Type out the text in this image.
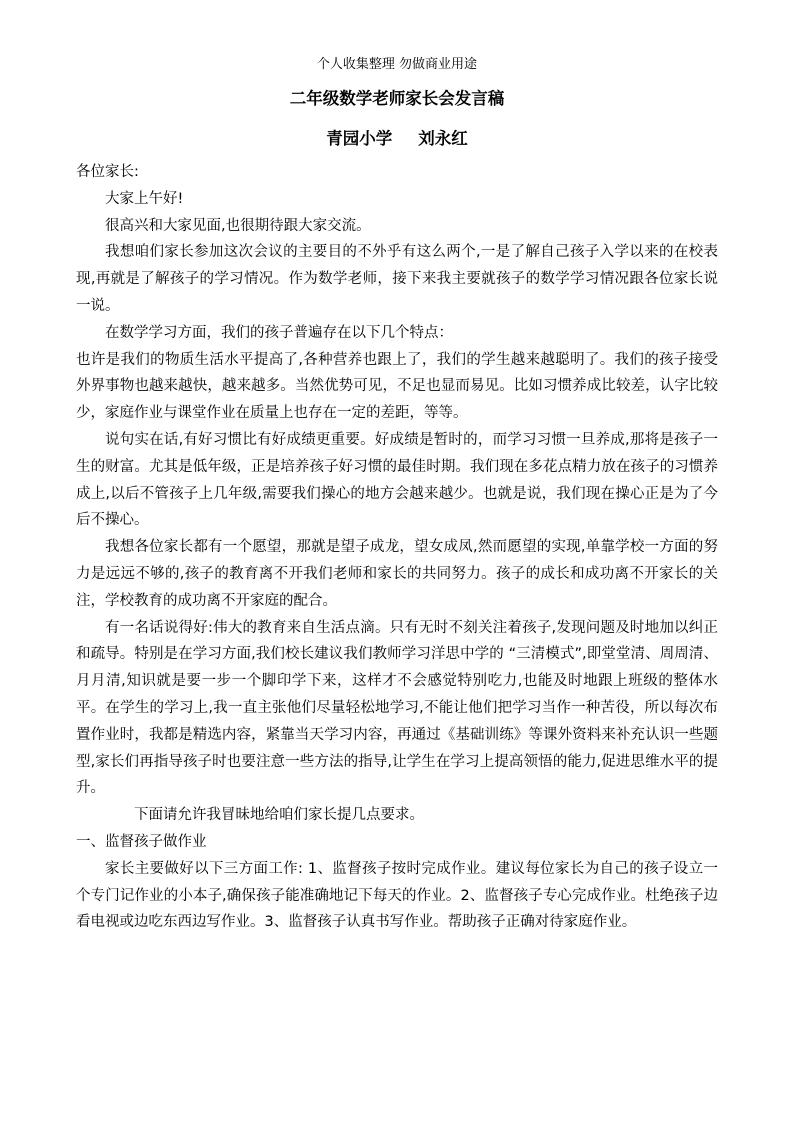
个人收集整理 勿做商业用途
二年级数学老师家长会发言稿
青园小学 刘永红

各位家长:

大家上午好!

很高兴和大家见面,也很期待跟大家交流。

我想咱们家长参加这次会议的主要目的不外乎有这么两个,一是了解自己孩子入学以来的在校表现,再就是了解孩子的学习情况。作为数学老师，接下来我主要就孩子的数学学习情况跟各位家长说一说。

在数学学习方面，我们的孩子普遍存在以下几个特点：

也许是我们的物质生活水平提高了,各种营养也跟上了，我们的学生越来越聪明了。我们的孩子接受外界事物也越来越快，越来越多。当然优势可见，不足也显而易见。比如习惯养成比较差，认字比较少，家庭作业与课堂作业在质量上也存在一定的差距，等等。

说句实在话,有好习惯比有好成绩更重要。好成绩是暂时的，而学习习惯一旦养成,那将是孩子一生的财富。尤其是低年级，正是培养孩子好习惯的最佳时期。我们现在多花点精力放在孩子的习惯养成上,以后不管孩子上几年级,需要我们操心的地方会越来越少。也就是说，我们现在操心正是为了今后不操心。

我想各位家长都有一个愿望，那就是望子成龙，望女成凤,然而愿望的实现,单靠学校一方面的努力是远远不够的,孩子的教育离不开我们老师和家长的共同努力。孩子的成长和成功离不开家长的关注，学校教育的成功离不开家庭的配合。

有一名话说得好:伟大的教育来自生活点滴。只有无时不刻关注着孩子,发现问题及时地加以纠正和疏导。特别是在学习方面,我们校长建议我们教师学习洋思中学的 “三清模式”,即堂堂清、周周清、月月清,知识就是要一步一个脚印学下来，这样才不会感觉特别吃力,也能及时地跟上班级的整体水平。在学生的学习上,我一直主张他们尽量轻松地学习,不能让他们把学习当作一种苦役，所以每次布置作业时，我都是精选内容，紧靠当天学习内容，再通过《基础训练》等课外资料来补充认识一些题型,家长们再指导孩子时也要注意一些方法的指导,让学生在学习上提高领悟的能力,促进思维水平的提升。

下面请允许我冒昧地给咱们家长提几点要求。

一、监督孩子做作业

家长主要做好以下三方面工作: 1、监督孩子按时完成作业。建议每位家长为自己的孩子设立一个专门记作业的小本子,确保孩子能准确地记下每天的作业。2、监督孩子专心完成作业。杜绝孩子边看电视或边吃东西边写作业。3、监督孩子认真书写作业。帮助孩子正确对待家庭作业。
